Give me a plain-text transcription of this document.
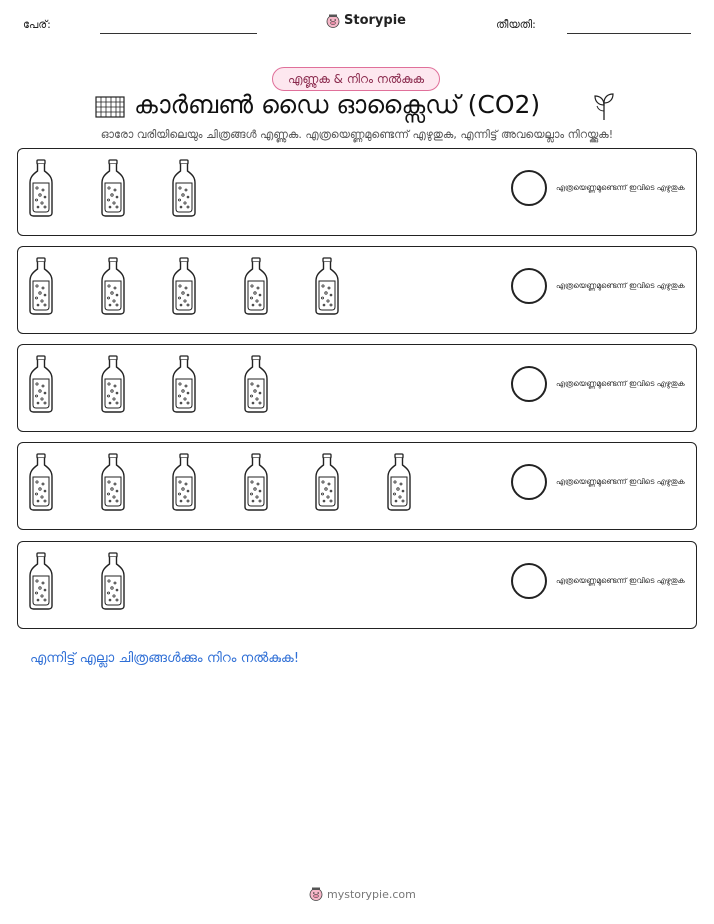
പേര്:	Storypie	തീയതി:
എണ്ണുക & നിറം നൽകുക
കാർബൺ ഡൈ ഓക്സൈഡ് (CO2)
ഓരോ വരിയിലെയും ചിത്രങ്ങൾ എണ്ണുക. എത്രയെണ്ണമുണ്ടെന്ന് എഴുതുക, എന്നിട്ട് അവയെല്ലാം നിറയ്ക്കുക!
എത്രയെണ്ണമുണ്ടെന്ന് ഇവിടെ എഴുതുക
എത്രയെണ്ണമുണ്ടെന്ന് ഇവിടെ എഴുതുക
എത്രയെണ്ണമുണ്ടെന്ന് ഇവിടെ എഴുതുക
എത്രയെണ്ണമുണ്ടെന്ന് ഇവിടെ എഴുതുക
എത്രയെണ്ണമുണ്ടെന്ന് ഇവിടെ എഴുതുക
എന്നിട്ട് എല്ലാ ചിത്രങ്ങൾക്കും നിറം നൽകുക!
mystorypie.com
